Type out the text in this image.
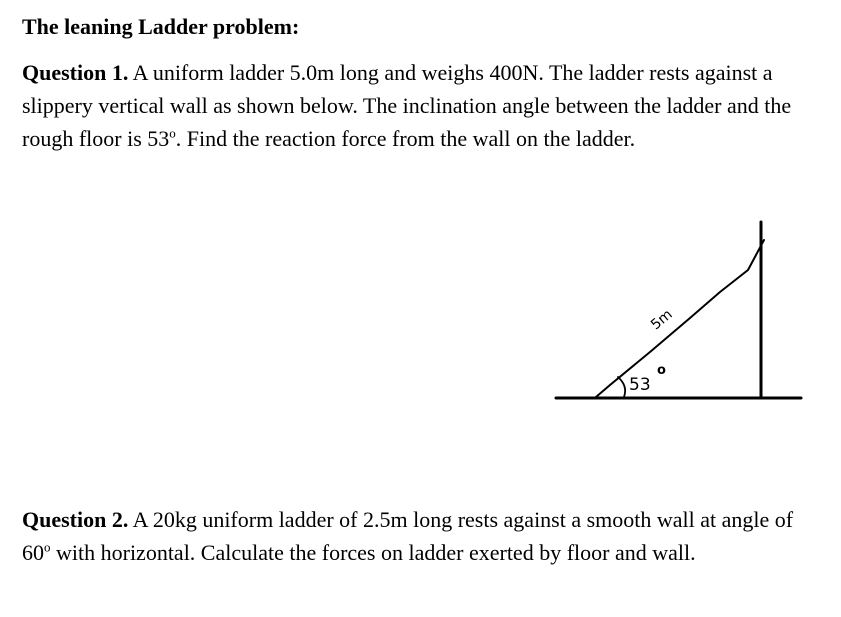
The leaning Ladder problem:

Question 1. A uniform ladder 5.0m long and weighs 400N. The ladder rests against a slippery vertical wall as shown below. The inclination angle between the ladder and the rough floor is 53$^o$. Find the reaction force from the wall on the ladder.

5m
53
o

Question 2. A 20kg uniform ladder of 2.5m long rests against a smooth wall at angle of 60$^o$ with horizontal. Calculate the forces on ladder exerted by floor and wall.
